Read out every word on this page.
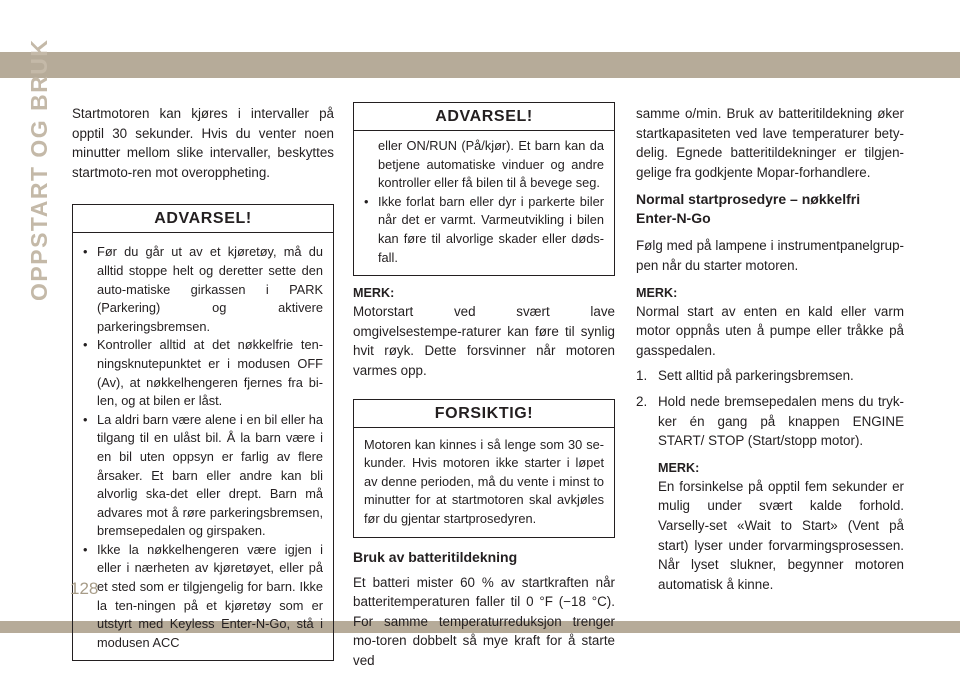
OPPSTART OG BRUK Startmotoren kan kjøres i intervaller på opptil 30 sekunder. Hvis du venter noen minutter mellom slike intervaller, beskyttes startmoto-ren mot overoppheting.

ADVARSEL!
• Før du går ut av et kjøretøy, må du alltid stoppe helt og deretter sette den auto-matiske girkassen i PARK (Parkering) og aktivere parkeringsbremsen.
• Kontroller alltid at det nøkkelfrie ten-ningsknutepunktet er i modusen OFF (Av), at nøkkelhengeren fjernes fra bi-len, og at bilen er låst.
• La aldri barn være alene i en bil eller ha tilgang til en ulåst bil. Å la barn være i en bil uten oppsyn er farlig av flere årsaker. Et barn eller andre kan bli alvorlig ska-det eller drept. Barn må advares mot å røre parkeringsbremsen, bremsepedalen og girspaken.
• Ikke la nøkkelhengeren være igjen i eller i nærheten av kjøretøyet, eller på et sted som er tilgjengelig for barn. Ikke la ten-ningen på et kjøretøy som er utstyrt med Keyless Enter-N-Go, stå i modusen ACC
ADVARSEL!
eller ON/RUN (På/kjør). Et barn kan da betjene automatiske vinduer og andre kontroller eller få bilen til å bevege seg.
• Ikke forlat barn eller dyr i parkerte biler når det er varmt. Varmeutvikling i bilen kan føre til alvorlige skader eller døds-fall.

MERK:

Motorstart ved svært lave omgivelsestempe-raturer kan føre til synlig hvit røyk. Dette forsvinner når motoren varmes opp.

FORSIKTIG!
Motoren kan kinnes i så lenge som 30 se-kunder. Hvis motoren ikke starter i løpet av denne perioden, må du vente i minst to minutter for at startmotoren skal avkjøles før du gjentar startprosedyren.
Bruk av batteritildekning

Et batteri mister 60 % av startkraften når batteritemperaturen faller til 0 °F (−18 °C). For samme temperaturreduksjon trenger mo-toren dobbelt så mye kraft for å starte ved

samme o/min. Bruk av batteritildekning øker startkapasiteten ved lave temperaturer bety-delig. Egnede batteritildekninger er tilgjen-gelige fra godkjente Mopar-forhandlere.

Normal startprosedyre – nøkkelfri Enter-N-Go

Følg med på lampene i instrumentpanelgrup-pen når du starter motoren.

MERK:

Normal start av enten en kald eller varm motor oppnås uten å pumpe eller tråkke på gasspedalen.

1. Sett alltid på parkeringsbremsen.
2. Hold nede bremsepedalen mens du tryk-ker én gang på knappen ENGINE START/ STOP (Start/stopp motor).

MERK:

En forsinkelse på opptil fem sekunder er mulig under svært kalde forhold. Varselly-set «Wait to Start» (Vent på start) lyser under forvarmingsprosessen. Når lyset slukner, begynner motoren automatisk å kinne.

128
